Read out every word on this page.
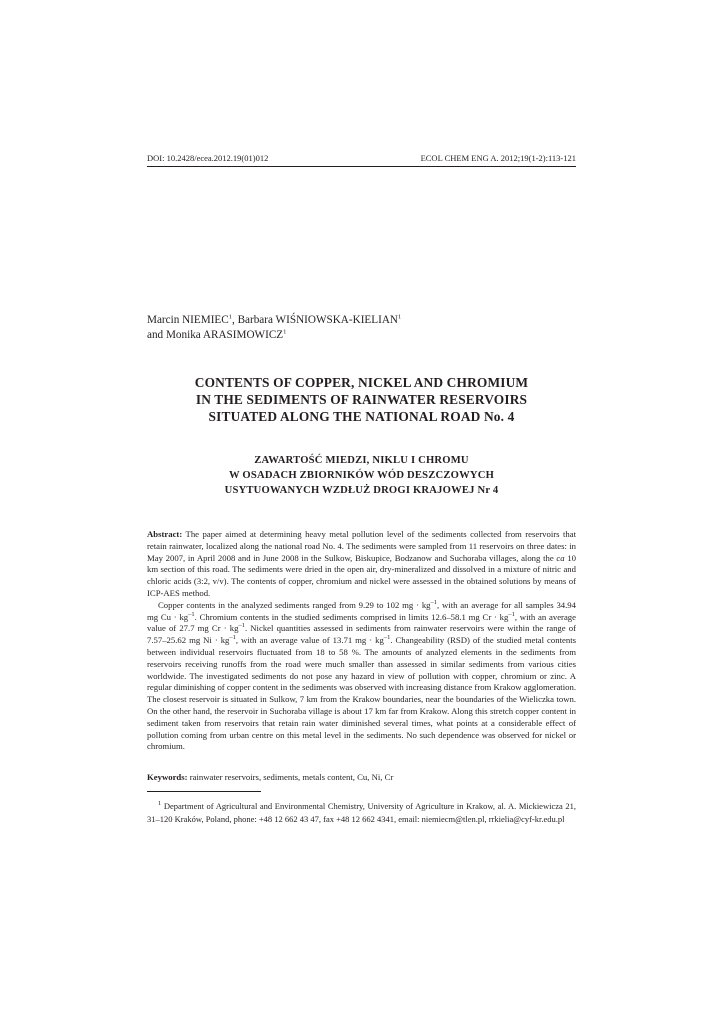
DOI: 10.2428/ecea.2012.19(01)012	ECOL CHEM ENG A. 2012;19(1-2):113-121
Marcin NIEMIEC$^1$, Barbara WIŚNIOWSKA-KIELIAN$^1$
and Monika ARASIMOWICZ$^1$
CONTENTS OF COPPER, NICKEL AND CHROMIUM
IN THE SEDIMENTS OF RAINWATER RESERVOIRS
SITUATED ALONG THE NATIONAL ROAD No. 4
ZAWARTOŚĆ MIEDZI, NIKLU I CHROMU
W OSADACH ZBIORNIKÓW WÓD DESZCZOWYCH
USYTUOWANYCH WZDŁUŻ DROGI KRAJOWEJ Nr 4

Abstract: The paper aimed at determining heavy metal pollution level of the sediments collected from reservoirs that retain rainwater, localized along the national road No. 4. The sediments were sampled from 11 reservoirs on three dates: in May 2007, in April 2008 and in June 2008 in the Sulkow, Biskupice, Bodzanow and Suchoraba villages, along the ca 10 km section of this road. The sediments were dried in the open air, dry-mineralized and dissolved in a mixture of nitric and chloric acids (3:2, v/v). The contents of copper, chromium and nickel were assessed in the obtained solutions by means of ICP-AES method.

Copper contents in the analyzed sediments ranged from 9.29 to 102 mg · $kg^{-1}$, with an average for all samples 34.94 mg $Cu \cdot kg^{-1}$. Chromium contents in the studied sediments comprised in limits 12.6–58.1 mg $Cr \cdot kg^{-1}$, with an average value of 27.7 mg $Cr \cdot kg^{-1}$. Nickel quantities assessed in sediments from rainwater reservoirs were within the range of 7.57–25.62 mg $Ni \cdot kg^{-1}$, with an average value of 13.71 mg · $kg^{-1}$. Changeability (RSD) of the studied metal contents between individual reservoirs fluctuated from 18 to 58 %. The amounts of analyzed elements in the sediments from reservoirs receiving runoffs from the road were much smaller than assessed in similar sediments from various cities worldwide. The investigated sediments do not pose any hazard in view of pollution with copper, chromium or zinc. A regular diminishing of copper content in the sediments was observed with increasing distance from Krakow agglomeration. The closest reservoir is situated in Sulkow, 7 km from the Krakow boundaries, near the boundaries of the Wieliczka town. On the other hand, the reservoir in Suchoraba village is about 17 km far from Krakow. Along this stretch copper content in sediment taken from reservoirs that retain rain water diminished several times, what points at a considerable effect of pollution coming from urban centre on this metal level in the sediments. No such dependence was observed for nickel or chromium.

Keywords: rainwater reservoirs, sediments, metals content, Cu, Ni, Cr
$^1$ Department of Agricultural and Environmental Chemistry, University of Agriculture in Krakow, al. A. Mickiewicza 21, 31–120 Kraków, Poland, phone: +48 12 662 43 47, fax +48 12 662 4341, email: niemiecm@tlen.pl, rrkielia@cyf-kr.edu.pl
